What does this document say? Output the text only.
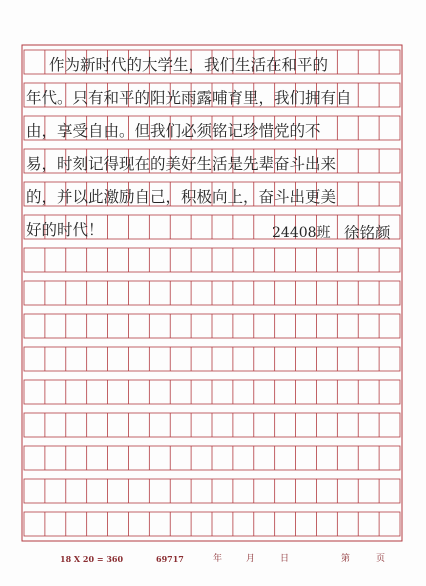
作为新时代的大学生，我们生活在和平的
年代。只有和平的阳光雨露哺育里，我们拥有自
由，享受自由。但我们必须铭记珍惜党的不
易，时刻记得现在的美好生活是先辈奋斗出来
的，并以此激励自己，积极向上，奋斗出更美
好的时代！	24408班 徐铭颜
18 X 20 = 360	69717	年	月	日	第	页
